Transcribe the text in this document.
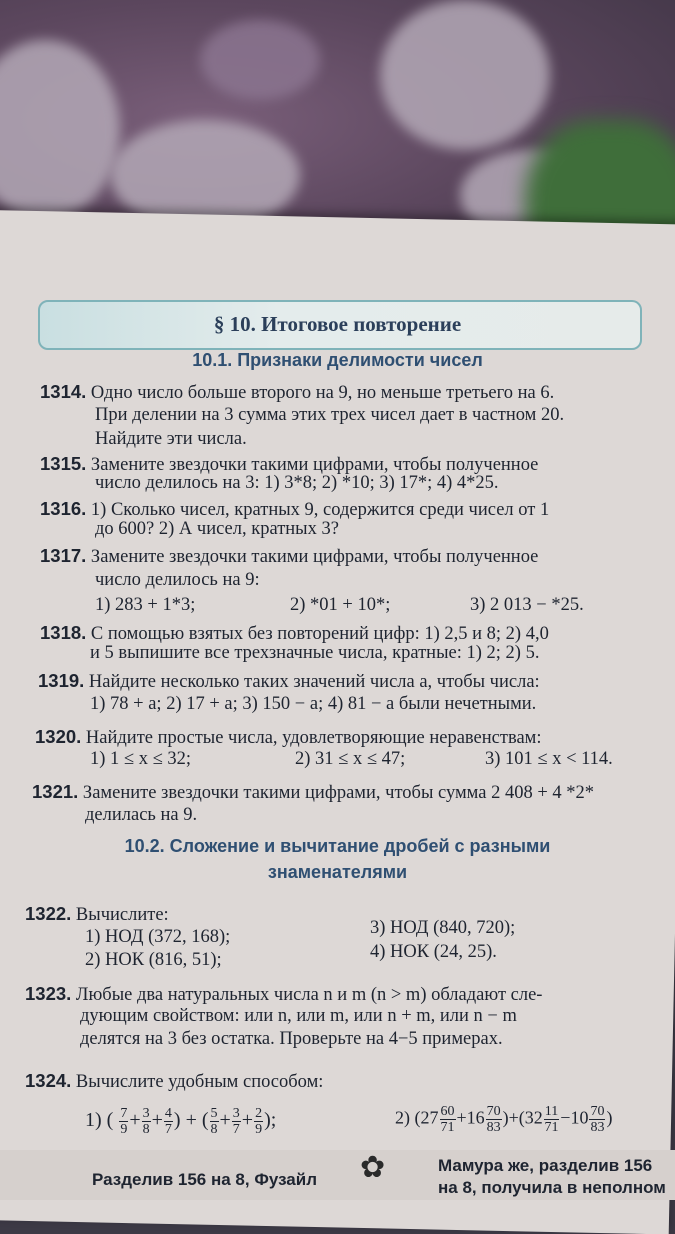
§ 10. Итоговое повторение
10.1. Признаки делимости чисел
1314. Одно число больше второго на 9, но меньше третьего на 6.
При делении на 3 сумма этих трех чисел дает в частном 20.
Найдите эти числа.
1315. Замените звездочки такими цифрами, чтобы полученное
число делилось на 3: 1) 3*8; 2) *10; 3) 17*; 4) 4*25.
1316. 1) Сколько чисел, кратных 9, содержится среди чисел от 1
до 600? 2) А чисел, кратных 3?
1317. Замените звездочки такими цифрами, чтобы полученное
число делилось на 9:
1) 283 + 1*3;	2) *01 + 10*;	3) 2 013 − *25.
1318. С помощью взятых без повторений цифр: 1) 2,5 и 8; 2) 4,0
и 5 выпишите все трехзначные числа, кратные: 1) 2; 2) 5.
1319. Найдите несколько таких значений числа a, чтобы числа:
1) 78 + a; 2) 17 + a; 3) 150 − a; 4) 81 − a были нечетными.
1320. Найдите простые числа, удовлетворяющие неравенствам:
1) 1 ≤ x ≤ 32;	2) 31 ≤ x ≤ 47;	3) 101 ≤ x < 114.
1321. Замените звездочки такими цифрами, чтобы сумма 2 408 + 4 *2*
делилась на 9.
10.2. Сложение и вычитание дробей с разными
знаменателями
1322. Вычислите:
1) НОД (372, 168);
2) НОК (816, 51);
3) НОД (840, 720);
4) НОК (24, 25).
1323. Любые два натуральных числа n и m (n > m) обладают сле-
дующим свойством: или n, или m, или n + m, или n − m
делятся на 3 без остатка. Проверьте на 4−5 примерах.
1324. Вычислите удобным способом:
1) ( $\frac{7}{9} + \frac{3}{8} + \frac{4}{7}$ ) + ( $\frac{5}{8} + \frac{3}{7} + \frac{2}{9}$ );	2) $(27 \frac{60}{71} +16 \frac{70}{83} )+(32 \frac{11}{71} -10 \frac{70}{83}$ )
Разделив 156 на 8, Фузайл ✿	Мамура же, разделив 156
на 8, получила в неполном
